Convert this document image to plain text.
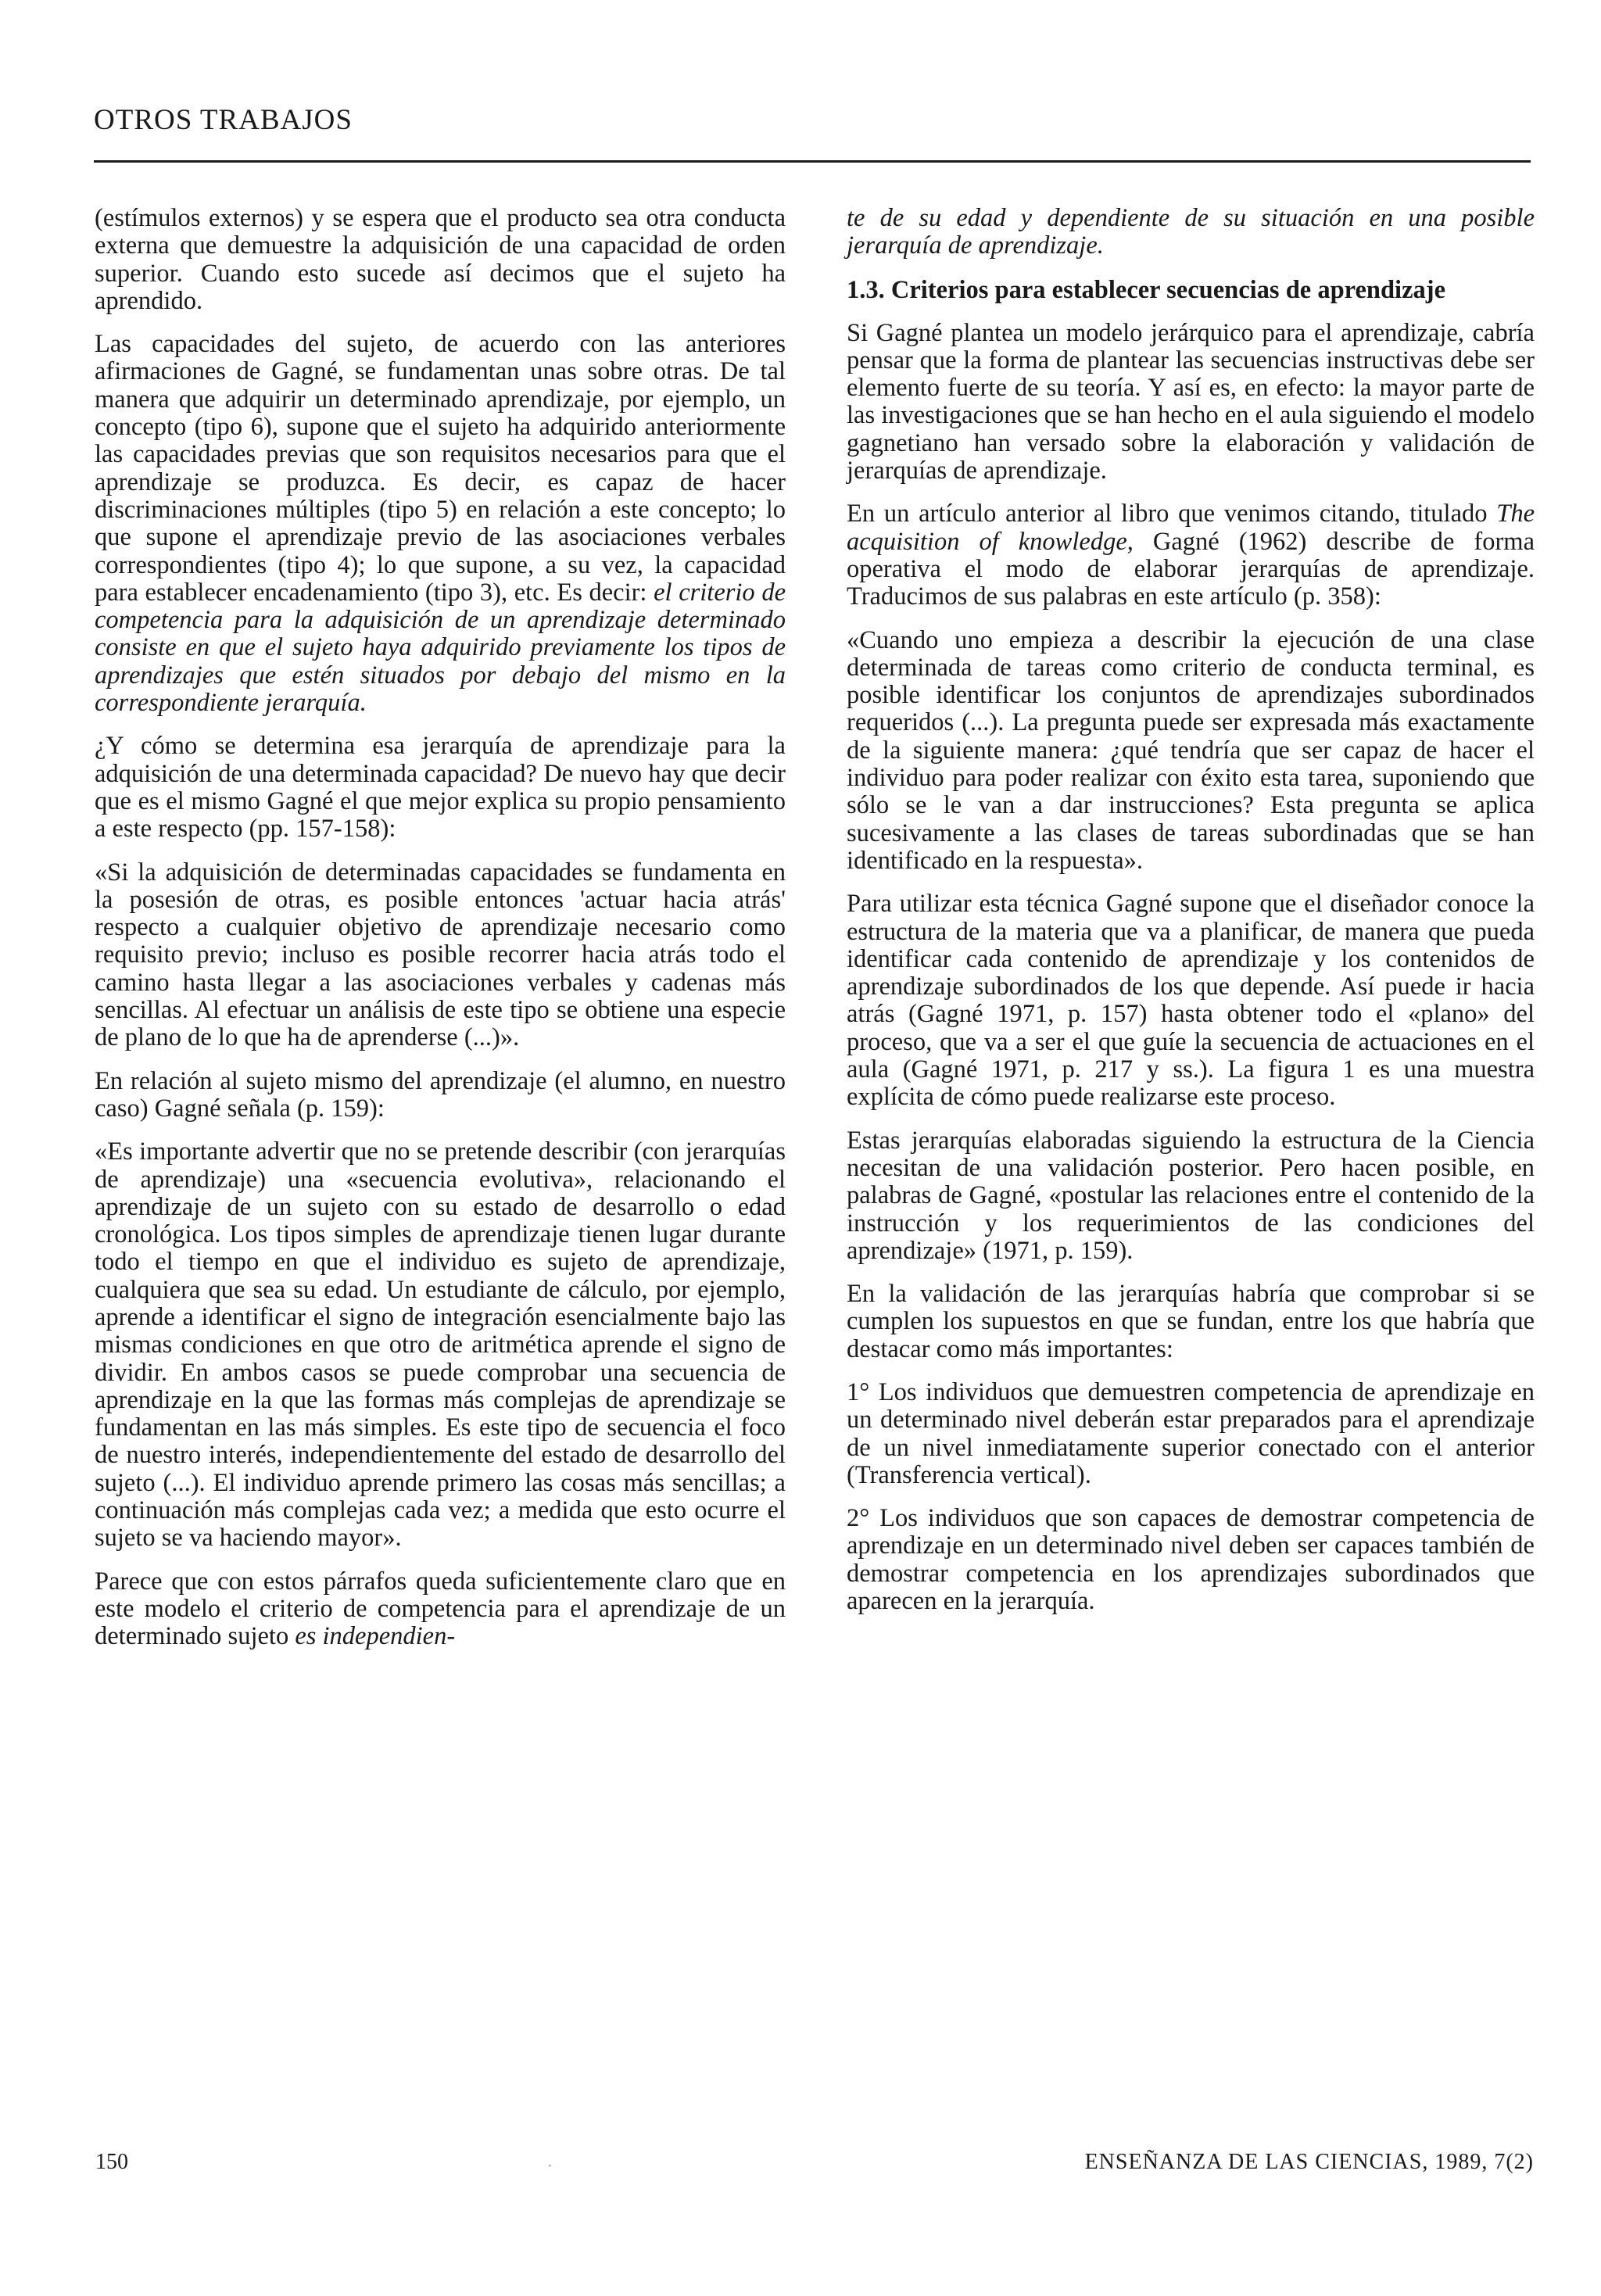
OTROS TRABAJOS

(estímulos externos) y se espera que el producto sea otra conducta externa que demuestre la adquisición de una capacidad de orden superior. Cuando esto sucede así decimos que el sujeto ha aprendido.

Las capacidades del sujeto, de acuerdo con las anteriores afirmaciones de Gagné, se fundamentan unas sobre otras. De tal manera que adquirir un determinado aprendizaje, por ejemplo, un concepto (tipo 6), supone que el sujeto ha adquirido anteriormente las capacidades previas que son requisitos necesarios para que el aprendizaje se produzca. Es decir, es capaz de hacer discriminaciones múltiples (tipo 5) en relación a este concepto; lo que supone el aprendizaje previo de las asociaciones verbales correspondientes (tipo 4); lo que supone, a su vez, la capacidad para establecer encadenamiento (tipo 3), etc. Es decir: el criterio de competencia para la adquisición de un aprendizaje determinado consiste en que el sujeto haya adquirido previamente los tipos de aprendizajes que estén situados por debajo del mismo en la correspondiente jerarquía.

¿Y cómo se determina esa jerarquía de aprendizaje para la adquisición de una determinada capacidad? De nuevo hay que decir que es el mismo Gagné el que mejor explica su propio pensamiento a este respecto (pp. 157-158):

«Si la adquisición de determinadas capacidades se fundamenta en la posesión de otras, es posible entonces 'actuar hacia atrás' respecto a cualquier objetivo de aprendizaje necesario como requisito previo; incluso es posible recorrer hacia atrás todo el camino hasta llegar a las asociaciones verbales y cadenas más sencillas. Al efectuar un análisis de este tipo se obtiene una especie de plano de lo que ha de aprenderse (...)».

En relación al sujeto mismo del aprendizaje (el alumno, en nuestro caso) Gagné señala (p. 159):

«Es importante advertir que no se pretende describir (con jerarquías de aprendizaje) una «secuencia evolutiva», relacionando el aprendizaje de un sujeto con su estado de desarrollo o edad cronológica. Los tipos simples de aprendizaje tienen lugar durante todo el tiempo en que el individuo es sujeto de aprendizaje, cualquiera que sea su edad. Un estudiante de cálculo, por ejemplo, aprende a identificar el signo de integración esencialmente bajo las mismas condiciones en que otro de aritmética aprende el signo de dividir. En ambos casos se puede comprobar una secuencia de aprendizaje en la que las formas más complejas de aprendizaje se fundamentan en las más simples. Es este tipo de secuencia el foco de nuestro interés, independientemente del estado de desarrollo del sujeto (...). El individuo aprende primero las cosas más sencillas; a continuación más complejas cada vez; a medida que esto ocurre el sujeto se va haciendo mayor».

Parece que con estos párrafos queda suficientemente claro que en este modelo el criterio de competencia para el aprendizaje de un determinado sujeto es independien-

te de su edad y dependiente de su situación en una posible jerarquía de aprendizaje.

1.3. Criterios para establecer secuencias de aprendizaje

Si Gagné plantea un modelo jerárquico para el aprendizaje, cabría pensar que la forma de plantear las secuencias instructivas debe ser elemento fuerte de su teoría. Y así es, en efecto: la mayor parte de las investigaciones que se han hecho en el aula siguiendo el modelo gagnetiano han versado sobre la elaboración y validación de jerarquías de aprendizaje.

En un artículo anterior al libro que venimos citando, titulado The acquisition of knowledge, Gagné (1962) describe de forma operativa el modo de elaborar jerarquías de aprendizaje. Traducimos de sus palabras en este artículo (p. 358):

«Cuando uno empieza a describir la ejecución de una clase determinada de tareas como criterio de conducta terminal, es posible identificar los conjuntos de aprendizajes subordinados requeridos (...). La pregunta puede ser expresada más exactamente de la siguiente manera: ¿qué tendría que ser capaz de hacer el individuo para poder realizar con éxito esta tarea, suponiendo que sólo se le van a dar instrucciones? Esta pregunta se aplica sucesivamente a las clases de tareas subordinadas que se han identificado en la respuesta».

Para utilizar esta técnica Gagné supone que el diseñador conoce la estructura de la materia que va a planificar, de manera que pueda identificar cada contenido de aprendizaje y los contenidos de aprendizaje subordinados de los que depende. Así puede ir hacia atrás (Gagné 1971, p. 157) hasta obtener todo el «plano» del proceso, que va a ser el que guíe la secuencia de actuaciones en el aula (Gagné 1971, p. 217 y ss.). La figura 1 es una muestra explícita de cómo puede realizarse este proceso.

Estas jerarquías elaboradas siguiendo la estructura de la Ciencia necesitan de una validación posterior. Pero hacen posible, en palabras de Gagné, «postular las relaciones entre el contenido de la instrucción y los requerimientos de las condiciones del aprendizaje» (1971, p. 159).

En la validación de las jerarquías habría que comprobar si se cumplen los supuestos en que se fundan, entre los que habría que destacar como más importantes:

1° Los individuos que demuestren competencia de aprendizaje en un determinado nivel deberán estar preparados para el aprendizaje de un nivel inmediatamente superior conectado con el anterior (Transferencia vertical).

2° Los individuos que son capaces de demostrar competencia de aprendizaje en un determinado nivel deben ser capaces también de demostrar competencia en los aprendizajes subordinados que aparecen en la jerarquía.

150	·	ENSEÑANZA DE LAS CIENCIAS, 1989, 7(2)
